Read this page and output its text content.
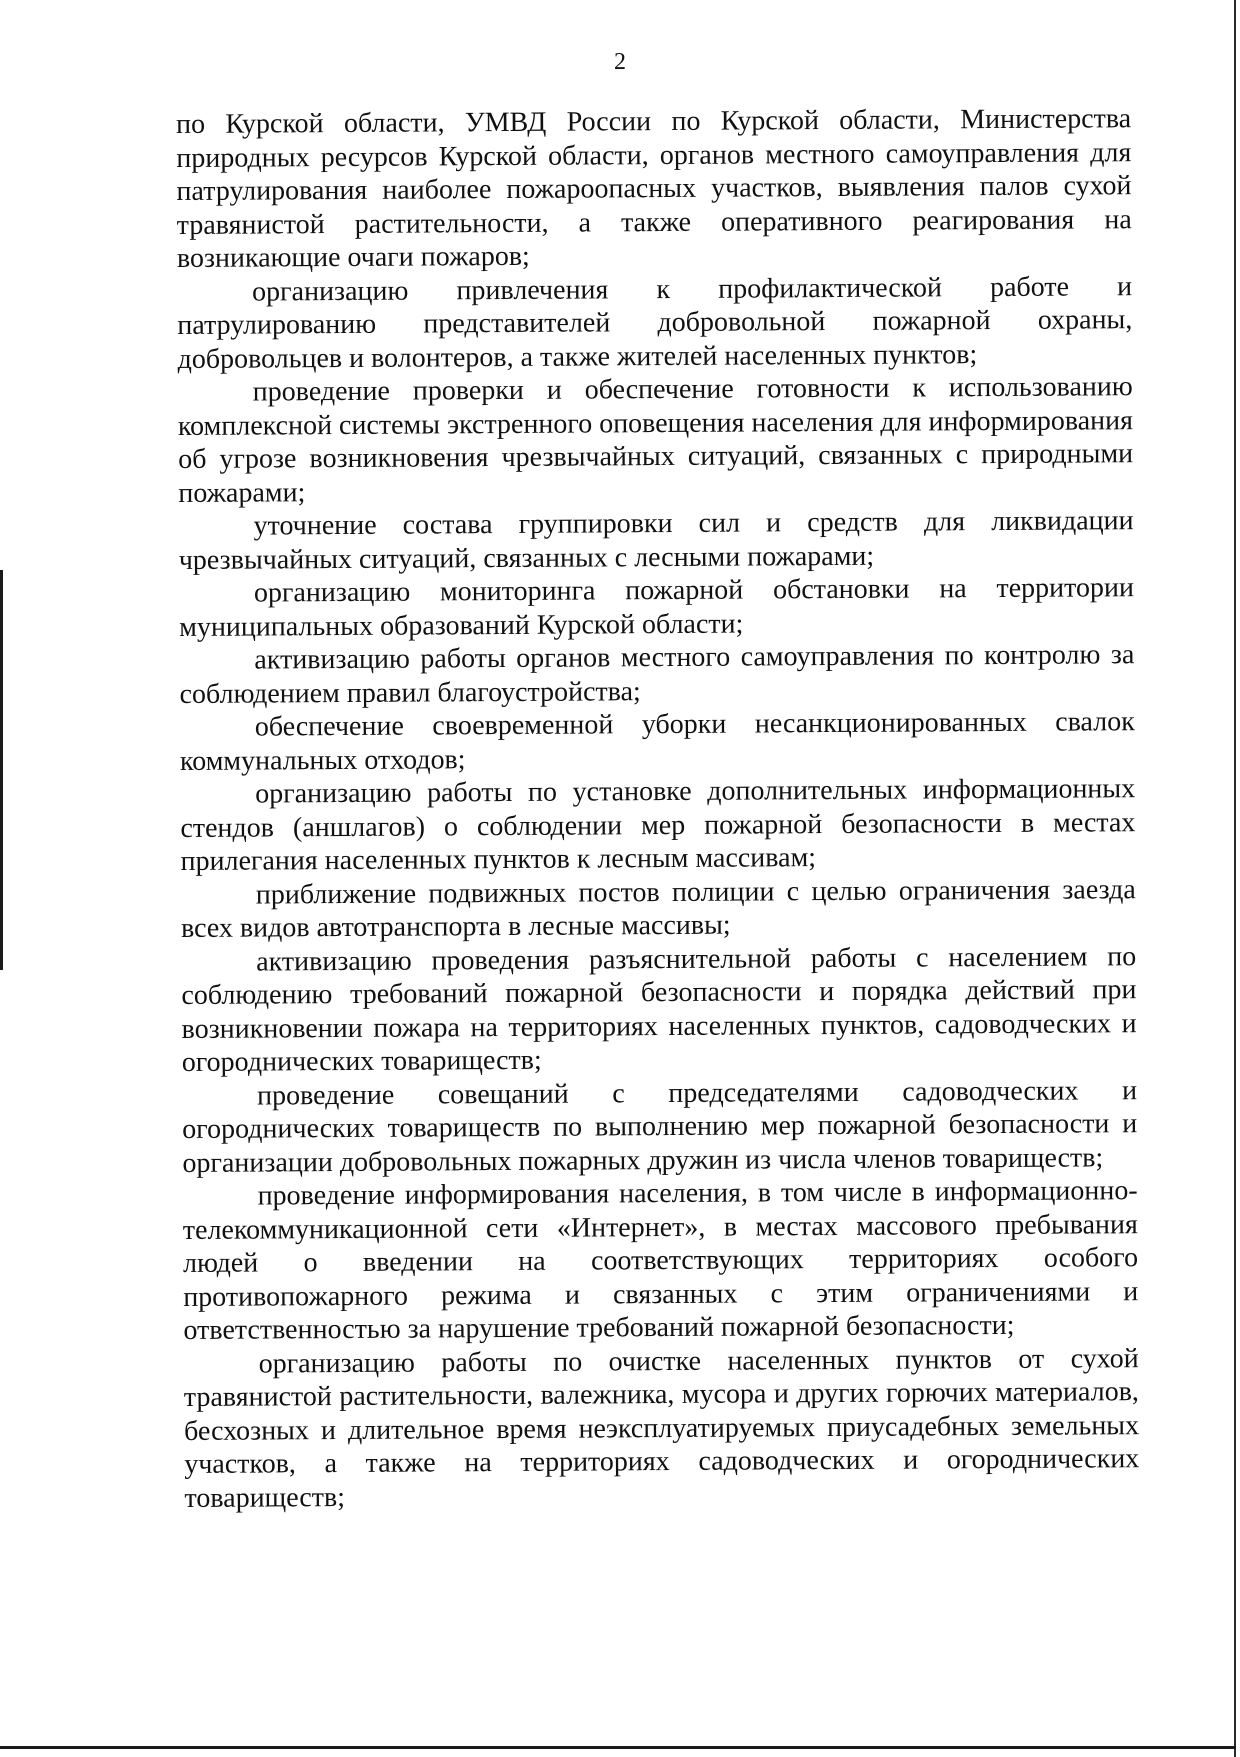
2

по Курской области, УМВД России по Курской области, Министерства природных ресурсов Курской области, органов местного самоуправления для патрулирования наиболее пожароопасных участков, выявления палов сухой травянистой растительности, а также оперативного реагирования на возникающие очаги пожаров;

организацию привлечения к профилактической работе и патрулированию представителей добровольной пожарной охраны, добровольцев и волонтеров, а также жителей населенных пунктов;

проведение проверки и обеспечение готовности к использованию комплексной системы экстренного оповещения населения для информирования об угрозе возникновения чрезвычайных ситуаций, связанных с природными пожарами;

уточнение состава группировки сил и средств для ликвидации чрезвычайных ситуаций, связанных с лесными пожарами;

организацию мониторинга пожарной обстановки на территории муниципальных образований Курской области;

активизацию работы органов местного самоуправления по контролю за соблюдением правил благоустройства;

обеспечение своевременной уборки несанкционированных свалок коммунальных отходов;

организацию работы по установке дополнительных информационных стендов (аншлагов) о соблюдении мер пожарной безопасности в местах прилегания населенных пунктов к лесным массивам;

приближение подвижных постов полиции с целью ограничения заезда всех видов автотранспорта в лесные массивы;

активизацию проведения разъяснительной работы с населением по соблюдению требований пожарной безопасности и порядка действий при возникновении пожара на территориях населенных пунктов, садоводческих и огороднических товариществ;

проведение совещаний с председателями садоводческих и огороднических товариществ по выполнению мер пожарной безопасности и организации добровольных пожарных дружин из числа членов товариществ;

проведение информирования населения, в том числе в информационно-телекоммуникационной сети «Интернет», в местах массового пребывания людей о введении на соответствующих территориях особого противопожарного режима и связанных с этим ограничениями и ответственностью за нарушение требований пожарной безопасности;

организацию работы по очистке населенных пунктов от сухой травянистой растительности, валежника, мусора и других горючих материалов, бесхозных и длительное время неэксплуатируемых приусадебных земельных участков, а также на территориях садоводческих и огороднических товариществ;
